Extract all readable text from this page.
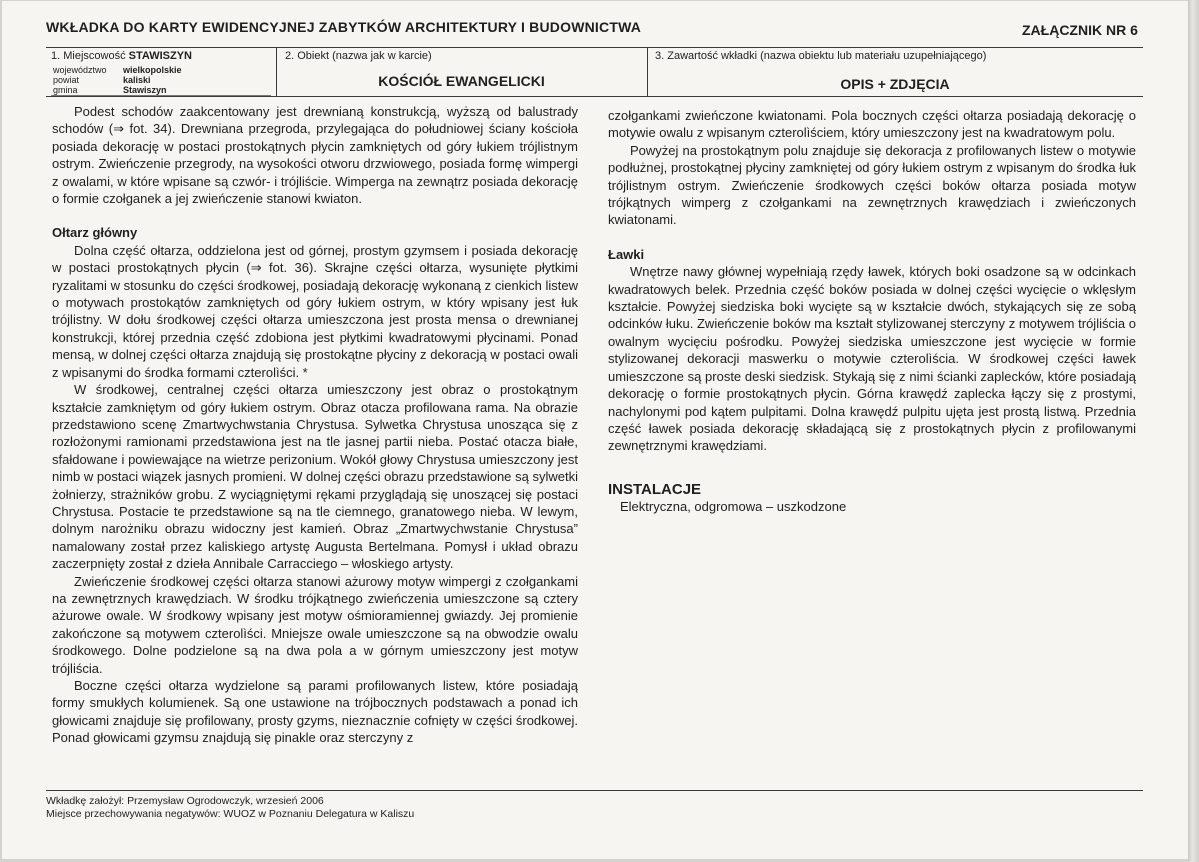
WKŁADKA DO KARTY EWIDENCYJNEJ ZABYTKÓW ARCHITEKTURY I BUDOWNICTWA	ZAŁĄCZNIK NR 6
1. Miejscowość STAWISZYN
województwo wielkopolskie
powiat	kaliski
gmina	Stawiszyn
2. Obiekt (nazwa jak w karcie)
KOŚCIÓŁ EWANGELICKI
3. Zawartość wkładki (nazwa obiektu lub materiału uzupełniającego)
OPIS + ZDJĘCIA

Podest schodów zaakcentowany jest drewnianą konstrukcją, wyższą od balustrady schodów (⇒ fot. 34). Drewniana przegroda, przylegająca do południowej ściany kościoła posiada dekorację w postaci prostokątnych płycin zamkniętych od góry łukiem trójlistnym ostrym. Zwieńczenie przegrody, na wysokości otworu drzwiowego, posiada formę wimpergi z owalami, w które wpisane są czwór- i trójliście. Wimperga na zewnątrz posiada dekorację o formie czołganek a jej zwieńczenie stanowi kwiaton.

Ołtarz główny

Dolna część ołtarza, oddzielona jest od górnej, prostym gzymsem i posiada dekorację w postaci prostokątnych płycin (⇒ fot. 36). Skrajne części ołtarza, wysunięte płytkimi ryzalitami w stosunku do części środkowej, posiadają dekorację wykonaną z cienkich listew o motywach prostokątów zamkniętych od góry łukiem ostrym, w który wpisany jest łuk trójlistny. W dołu środkowej części ołtarza umieszczona jest prosta mensa o drewnianej konstrukcji, której przednia część zdobiona jest płytkimi kwadratowymi płycinami. Ponad mensą, w dolnej części ołtarza znajdują się prostokątne płyciny z dekoracją w postaci owali z wpisanymi do środka formami czterolìści. *

W środkowej, centralnej części ołtarza umieszczony jest obraz o prostokątnym kształcie zamkniętym od góry łukiem ostrym. Obraz otacza profilowana rama. Na obrazie przedstawiono scenę Zmartwychwstania Chrystusa. Sylwetka Chrystusa unosząca się z rozłożonymi ramionami przedstawiona jest na tle jasnej partii nieba. Postać otacza białe, sfałdowane i powiewające na wietrze perizonium. Wokół głowy Chrystusa umieszczony jest nimb w postaci wiązek jasnych promieni. W dolnej części obrazu przedstawione są sylwetki żołnierzy, strażników grobu. Z wyciągniętymi rękami przyglądają się unoszącej się postaci Chrystusa. Postacie te przedstawione są na tle ciemnego, granatowego nieba. W lewym, dolnym narożniku obrazu widoczny jest kamień. Obraz „Zmartwychwstanie Chrystusa” namalowany został przez kaliskiego artystę Augusta Bertelmana. Pomysł i układ obrazu zaczerpnięty został z dzieła Annibale Carracciego – włoskiego artysty.

Zwieńczenie środkowej części ołtarza stanowi ażurowy motyw wimpergi z czołgankami na zewnętrznych krawędziach. W środku trójkątnego zwieńczenia umieszczone są cztery ażurowe owale. W środkowy wpisany jest motyw ośmioramiennej gwiazdy. Jej promienie zakończone są motywem czterolìści. Mniejsze owale umieszczone są na obwodzie owalu środkowego. Dolne podzielone są na dwa pola a w górnym umieszczony jest motyw trójliścia.

Boczne części ołtarza wydzielone są parami profilowanych listew, które posiadają formy smukłych kolumienek. Są one ustawione na trójbocznych podstawach a ponad ich głowicami znajduje się profilowany, prosty gzyms, nieznacznie cofnięty w części środkowej. Ponad głowicami gzymsu znajdują się pinakle oraz sterczyny z

czołgankami zwieńczone kwiatonami. Pola bocznych części ołtarza posiadają dekorację o motywie owalu z wpisanym czterolìściem, który umieszczony jest na kwadratowym polu.

Powyżej na prostokątnym polu znajduje się dekoracja z profilowanych listew o motywie podłużnej, prostokątnej płyciny zamkniętej od góry łukiem ostrym z wpisanym do środka łuk trójlistnym ostrym. Zwieńczenie środkowych części boków ołtarza posiada motyw trójkątnych wimperg z czołgankami na zewnętrznych krawędziach i zwieńczonych kwiatonami.

Ławki

Wnętrze nawy głównej wypełniają rzędy ławek, których boki osadzone są w odcinkach kwadratowych belek. Przednia część boków posiada w dolnej części wycięcie o wklęsłym kształcie. Powyżej siedziska boki wycięte są w kształcie dwóch, stykających się ze sobą odcinków łuku. Zwieńczenie boków ma kształt stylizowanej sterczyny z motywem trójliścia o owalnym wycięciu pośrodku. Powyżej siedziska umieszczone jest wycięcie w formie stylizowanej dekoracji maswerku o motywie czterolìścia. W środkowej części ławek umieszczone są proste deski siedzisk. Stykają się z nimi ścianki zaplecków, które posiadają dekorację o formie prostokątnych płycin. Górna krawędź zaplecka łączy się z prostymi, nachylonymi pod kątem pulpitami. Dolna krawędź pulpitu ujęta jest prostą listwą. Przednia część ławek posiada dekorację składającą się z prostokątnych płycin z profilowanymi zewnętrznymi krawędziami.

INSTALACJE

Elektryczna, odgromowa – uszkodzone

Wkładkę założył: Przemysław Ogrodowczyk, wrzesień 2006
Miejsce przechowywania negatywów: WUOZ w Poznaniu Delegatura w Kaliszu
